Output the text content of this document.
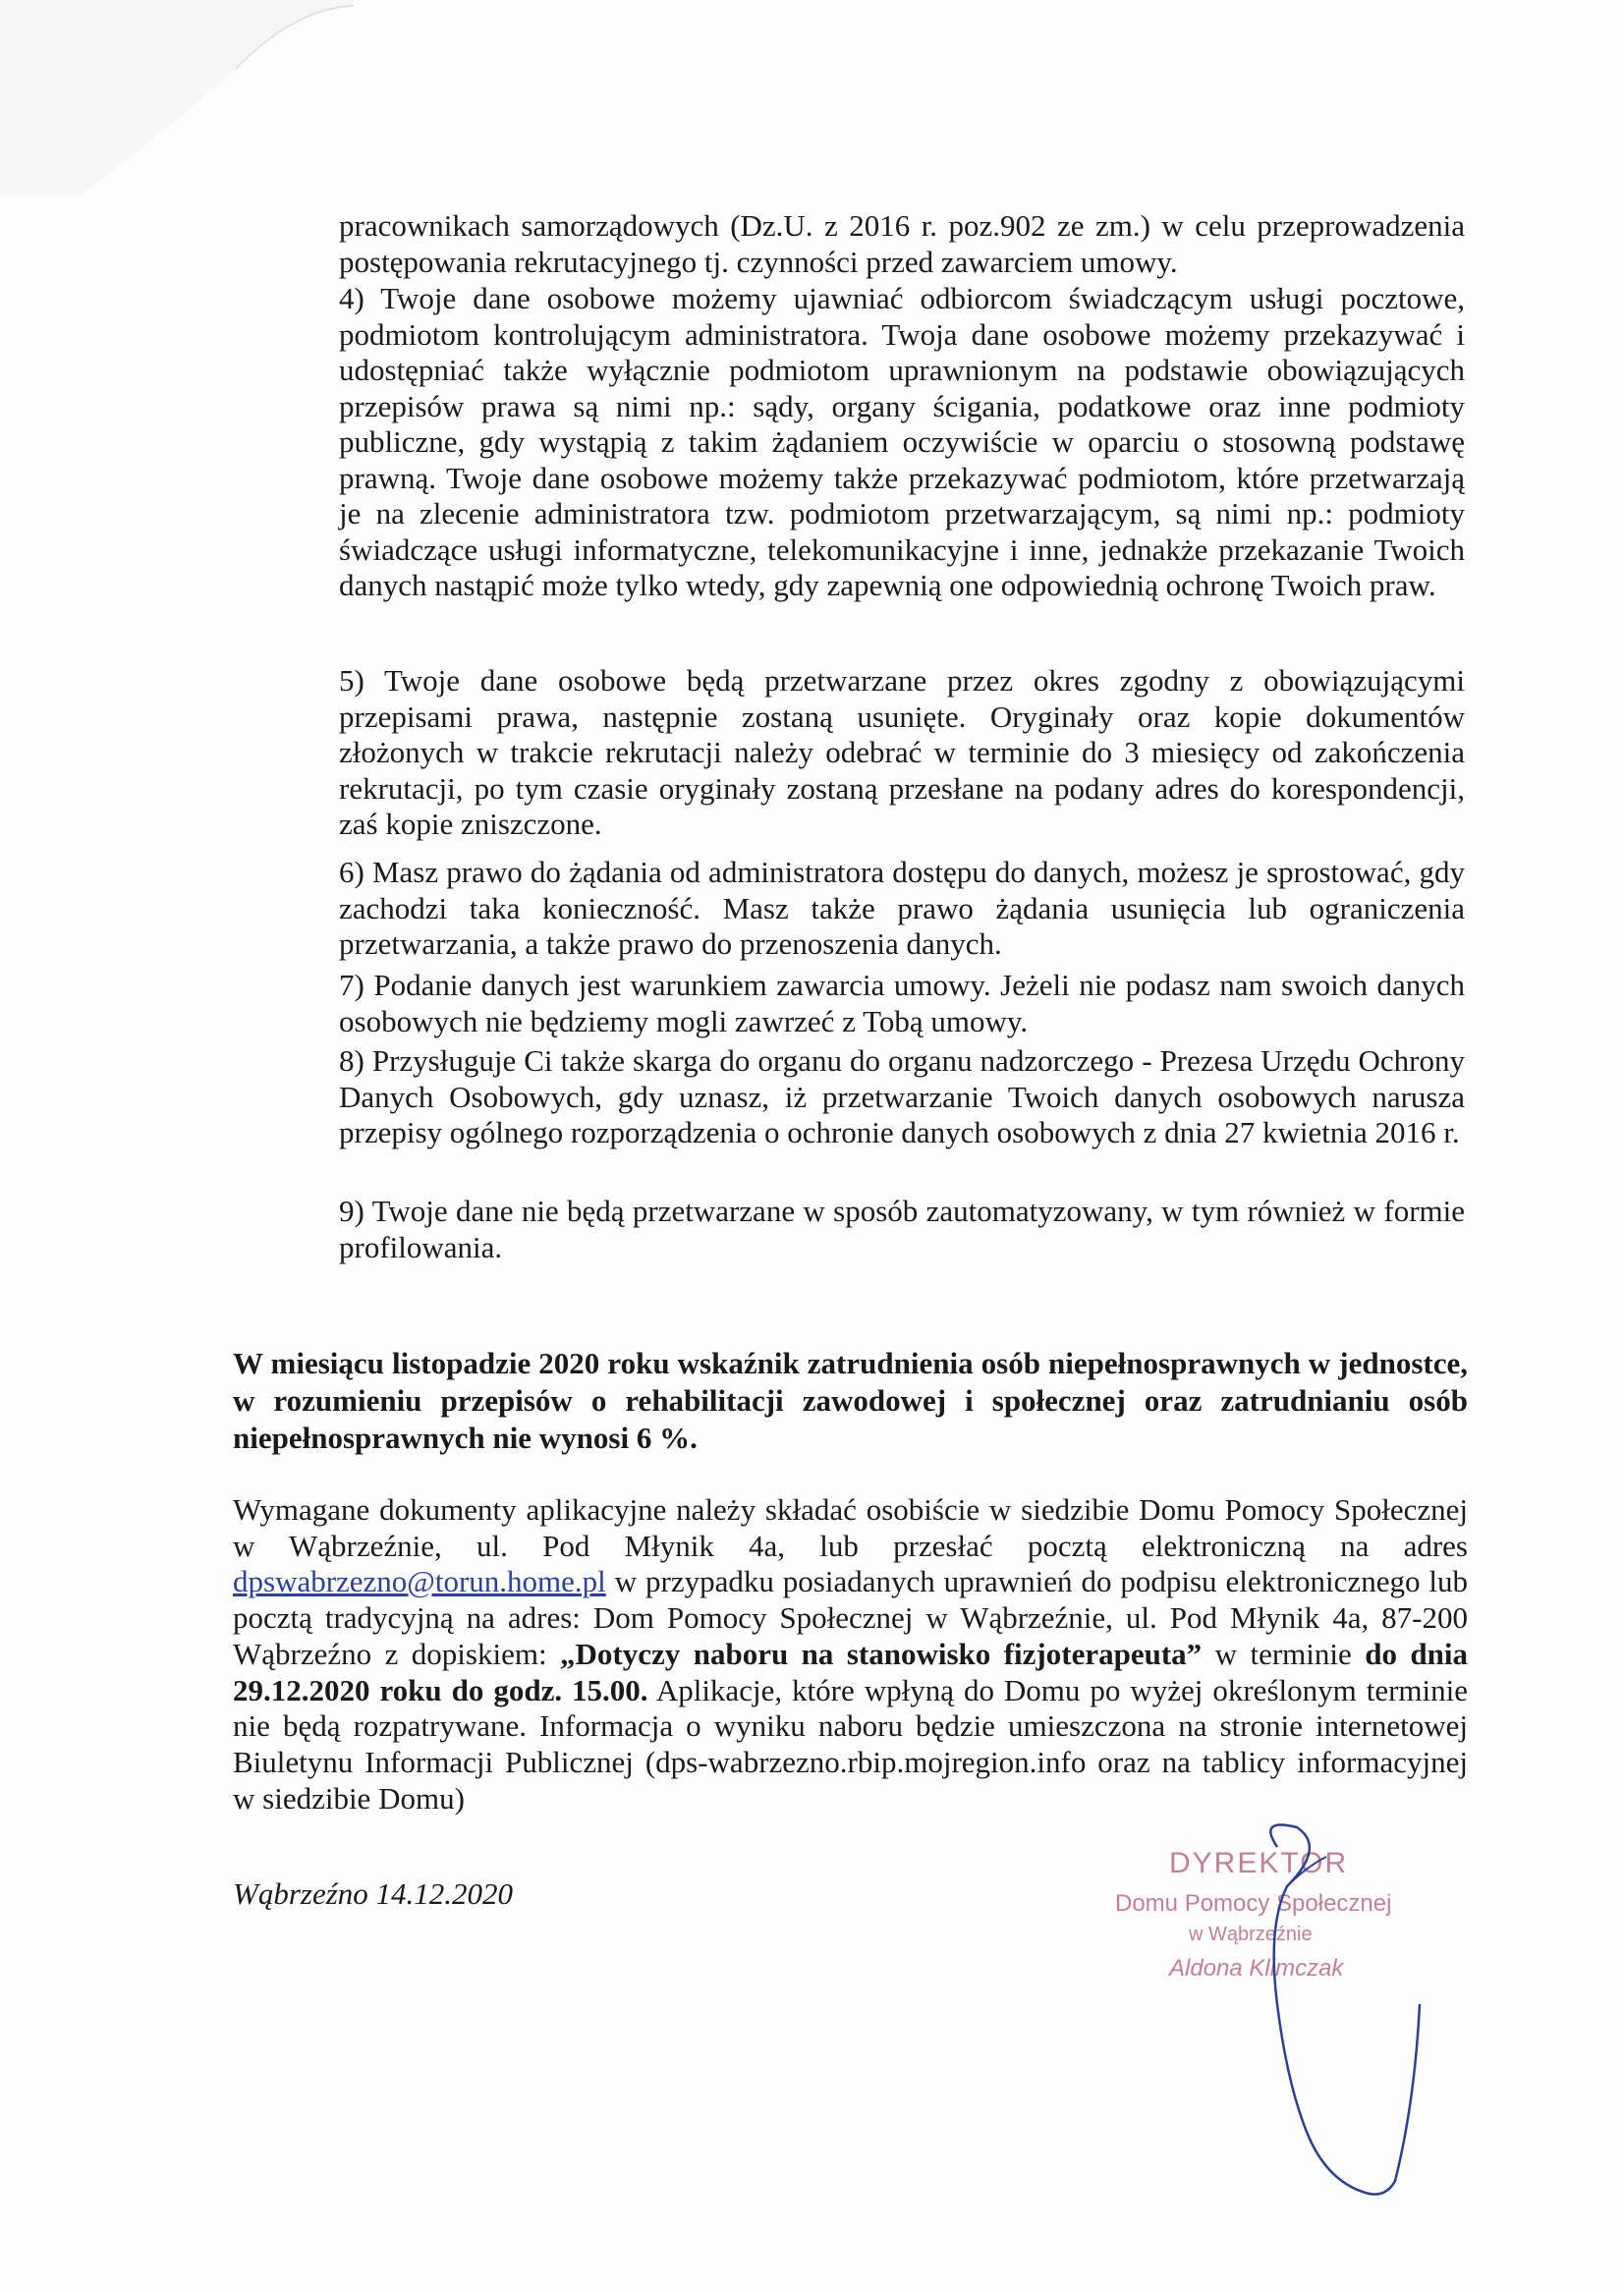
pracownikach samorządowych (Dz.U. z 2016 r. poz.902 ze zm.) w celu przeprowadzenia postępowania rekrutacyjnego tj. czynności przed zawarciem umowy.

4) Twoje dane osobowe możemy ujawniać odbiorcom świadczącym usługi pocztowe, podmiotom kontrolującym administratora. Twoja dane osobowe możemy przekazywać i udostępniać także wyłącznie podmiotom uprawnionym na podstawie obowiązujących przepisów prawa są nimi np.: sądy, organy ścigania, podatkowe oraz inne podmioty publiczne, gdy wystąpią z takim żądaniem oczywiście w oparciu o stosowną podstawę prawną. Twoje dane osobowe możemy także przekazywać podmiotom, które przetwarzają je na zlecenie administratora tzw. podmiotom przetwarzającym, są nimi np.: podmioty świadczące usługi informatyczne, telekomunikacyjne i inne, jednakże przekazanie Twoich danych nastąpić może tylko wtedy, gdy zapewnią one odpowiednią ochronę Twoich praw.

5) Twoje dane osobowe będą przetwarzane przez okres zgodny z obowiązującymi przepisami prawa, następnie zostaną usunięte. Oryginały oraz kopie dokumentów złożonych w trakcie rekrutacji należy odebrać w terminie do 3 miesięcy od zakończenia rekrutacji, po tym czasie oryginały zostaną przesłane na podany adres do korespondencji, zaś kopie zniszczone.

6) Masz prawo do żądania od administratora dostępu do danych, możesz je sprostować, gdy zachodzi taka konieczność. Masz także prawo żądania usunięcia lub ograniczenia przetwarzania, a także prawo do przenoszenia danych.

7) Podanie danych jest warunkiem zawarcia umowy. Jeżeli nie podasz nam swoich danych osobowych nie będziemy mogli zawrzeć z Tobą umowy.

8) Przysługuje Ci także skarga do organu do organu nadzorczego - Prezesa Urzędu Ochrony Danych Osobowych, gdy uznasz, iż przetwarzanie Twoich danych osobowych narusza przepisy ogólnego rozporządzenia o ochronie danych osobowych z dnia 27 kwietnia 2016 r.

9) Twoje dane nie będą przetwarzane w sposób zautomatyzowany, w tym również w formie profilowania.

W miesiącu listopadzie 2020 roku wskaźnik zatrudnienia osób niepełnosprawnych w jednostce, w rozumieniu przepisów o rehabilitacji zawodowej i społecznej oraz zatrudnianiu osób niepełnosprawnych nie wynosi 6 %.

Wymagane dokumenty aplikacyjne należy składać osobiście w siedzibie Domu Pomocy Społecznej w Wąbrzeźnie, ul. Pod Młynik 4a, lub przesłać pocztą elektroniczną na adres dpswabrzezno@torun.home.pl w przypadku posiadanych uprawnień do podpisu elektronicznego lub pocztą tradycyjną na adres: Dom Pomocy Społecznej w Wąbrzeźnie, ul. Pod Młynik 4a, 87-200 Wąbrzeźno z dopiskiem: „Dotyczy naboru na stanowisko fizjoterapeuta” w terminie do dnia 29.12.2020 roku do godz. 15.00. Aplikacje, które wpłyną do Domu po wyżej określonym terminie nie będą rozpatrywane. Informacja o wyniku naboru będzie umieszczona na stronie internetowej Biuletynu Informacji Publicznej (dps-wabrzezno.rbip.mojregion.info oraz na tablicy informacyjnej w siedzibie Domu)

Wąbrzeźno 14.12.2020
DYREKTOR
Domu Pomocy Społecznej
w Wąbrzeźnie
Aldona Klimczak
